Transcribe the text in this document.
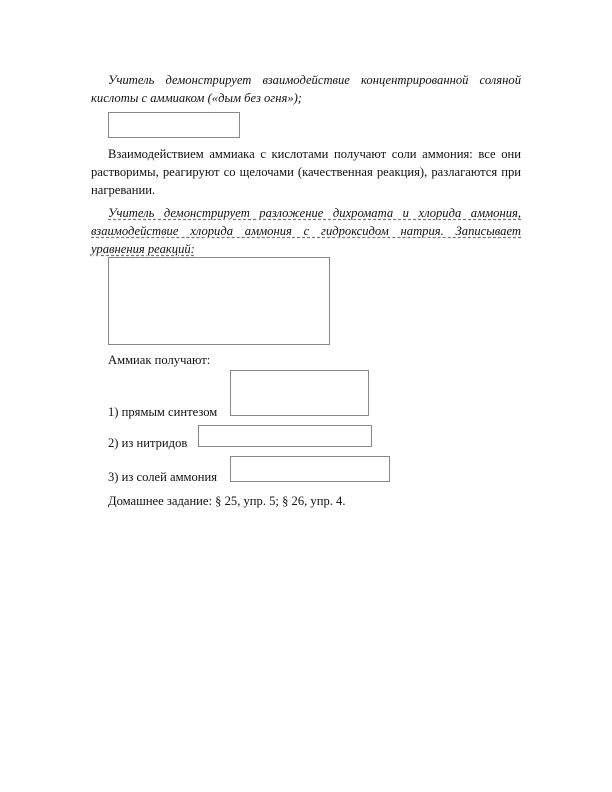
Учитель демонстрирует взаимодействие концентрированной соляной кислоты с аммиаком («дым без огня»);
Взаимодействием аммиака с кислотами получают соли аммония: все они растворимы, реагируют со щелочами (качественная реакция), разлагаются при нагревании.
Учитель демонстрирует разложение дихромата и хлорида аммония, взаимодействие хлорида аммония с гидроксидом натрия. Записывает уравнения реакций:
Аммиак получают:
1) прямым синтезом
2) из нитридов
3) из солей аммония
Домашнее задание: § 25, упр. 5; § 26, упр. 4.
